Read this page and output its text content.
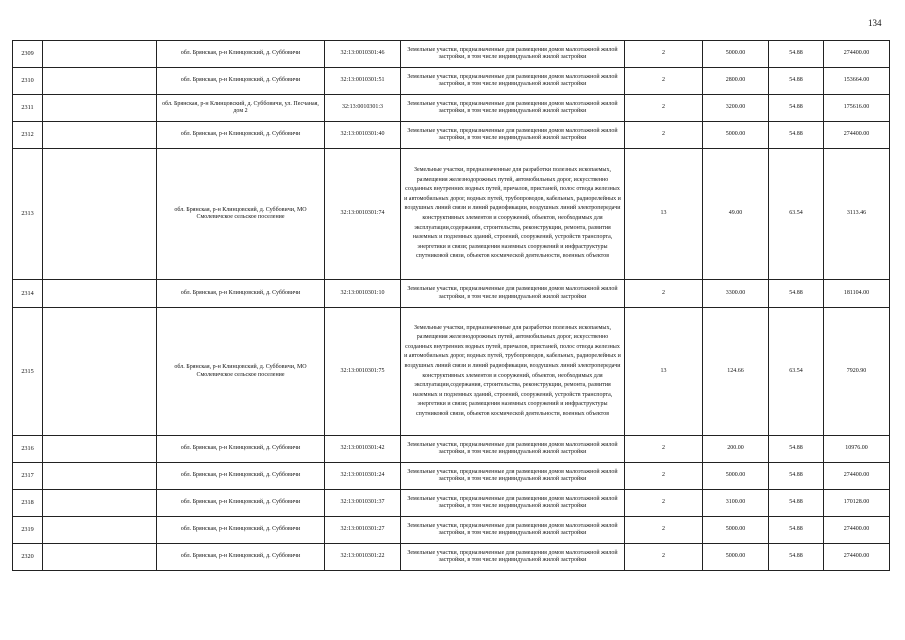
134
2309		обл. Брянская, р-н Клинцовский, д. Суббовичи	32:13:0010301:46	Земельные участки, предназначенные для размещения домов малоэтажной жилой застройки, в том числе индивидуальной жилой застройки	2	5000.00	54.88	274400.00
2310		обл. Брянская, р-н Клинцовский, д. Суббовичи	32:13:0010301:51	Земельные участки, предназначенные для размещения домов малоэтажной жилой застройки, в том числе индивидуальной жилой застройки	2	2800.00	54.88	153664.00
2311		обл. Брянская, р-н Клинцовский, д. Суббовичи, ул. Песчаная, дом 2	32:13:0010301:3	Земельные участки, предназначенные для размещения домов малоэтажной жилой застройки, в том числе индивидуальной жилой застройки	2	3200.00	54.88	175616.00
2312		обл. Брянская, р-н Клинцовский, д. Суббовичи	32:13:0010301:40	Земельные участки, предназначенные для размещения домов малоэтажной жилой застройки, в том числе индивидуальной жилой застройки	2	5000.00	54.88	274400.00
2313		обл. Брянская, р-н Клинцовский, д. Суббовичи, МО Смолевичское сельское поселение	32:13:0010301:74	Земельные участки, предназначенные для разработки полезных ископаемых, размещения железнодорожных путей, автомобильных дорог, искусственно созданных внутренних водных путей, причалов, пристаней, полос отвода железных и автомобильных дорог, водных путей, трубопроводов, кабельных, радиорелейных и воздушных линий связи и линий радиофикации, воздушных линий электропередачи конструктивных элементов и сооружений, объектов, необходимых для эксплуатации,содержания, строительства, реконструкции, ремонта, развития наземных и подземных зданий, строений, сооружений, устройств транспорта, энергетики и связи; размещения наземных сооружений и инфраструктуры спутниковой связи, объектов космической деятельности, военных объектов	13	49.00	63.54	3113.46
2314		обл. Брянская, р-н Клинцовский, д. Суббовичи	32:13:0010301:10	Земельные участки, предназначенные для размещения домов малоэтажной жилой застройки, в том числе индивидуальной жилой застройки	2	3300.00	54.88	181104.00
2315		обл. Брянская, р-н Клинцовский, д. Суббовичи, МО Смолевичское сельское поселение	32:13:0010301:75	Земельные участки, предназначенные для разработки полезных ископаемых, размещения железнодорожных путей, автомобильных дорог, искусственно созданных внутренних водных путей, причалов, пристаней, полос отвода железных и автомобильных дорог, водных путей, трубопроводов, кабельных, радиорелейных и воздушных линий связи и линий радиофикации, воздушных линий электропередачи конструктивных элементов и сооружений, объектов, необходимых для эксплуатации,содержания, строительства, реконструкции, ремонта, развития наземных и подземных зданий, строений, сооружений, устройств транспорта, энергетики и связи; размещения наземных сооружений и инфраструктуры спутниковой связи, объектов космической деятельности, военных объектов	13	124.66	63.54	7920.90
2316		обл. Брянская, р-н Клинцовский, д. Суббовичи	32:13:0010301:42	Земельные участки, предназначенные для размещения домов малоэтажной жилой застройки, в том числе индивидуальной жилой застройки	2	200.00	54.88	10976.00
2317		обл. Брянская, р-н Клинцовский, д. Суббовичи	32:13:0010301:24	Земельные участки, предназначенные для размещения домов малоэтажной жилой застройки, в том числе индивидуальной жилой застройки	2	5000.00	54.88	274400.00
2318		обл. Брянская, р-н Клинцовский, д. Суббовичи	32:13:0010301:37	Земельные участки, предназначенные для размещения домов малоэтажной жилой застройки, в том числе индивидуальной жилой застройки	2	3100.00	54.88	170128.00
2319		обл. Брянская, р-н Клинцовский, д. Суббовичи	32:13:0010301:27	Земельные участки, предназначенные для размещения домов малоэтажной жилой застройки, в том числе индивидуальной жилой застройки	2	5000.00	54.88	274400.00
2320		обл. Брянская, р-н Клинцовский, д. Суббовичи	32:13:0010301:22	Земельные участки, предназначенные для размещения домов малоэтажной жилой застройки, в том числе индивидуальной жилой застройки	2	5000.00	54.88	274400.00
